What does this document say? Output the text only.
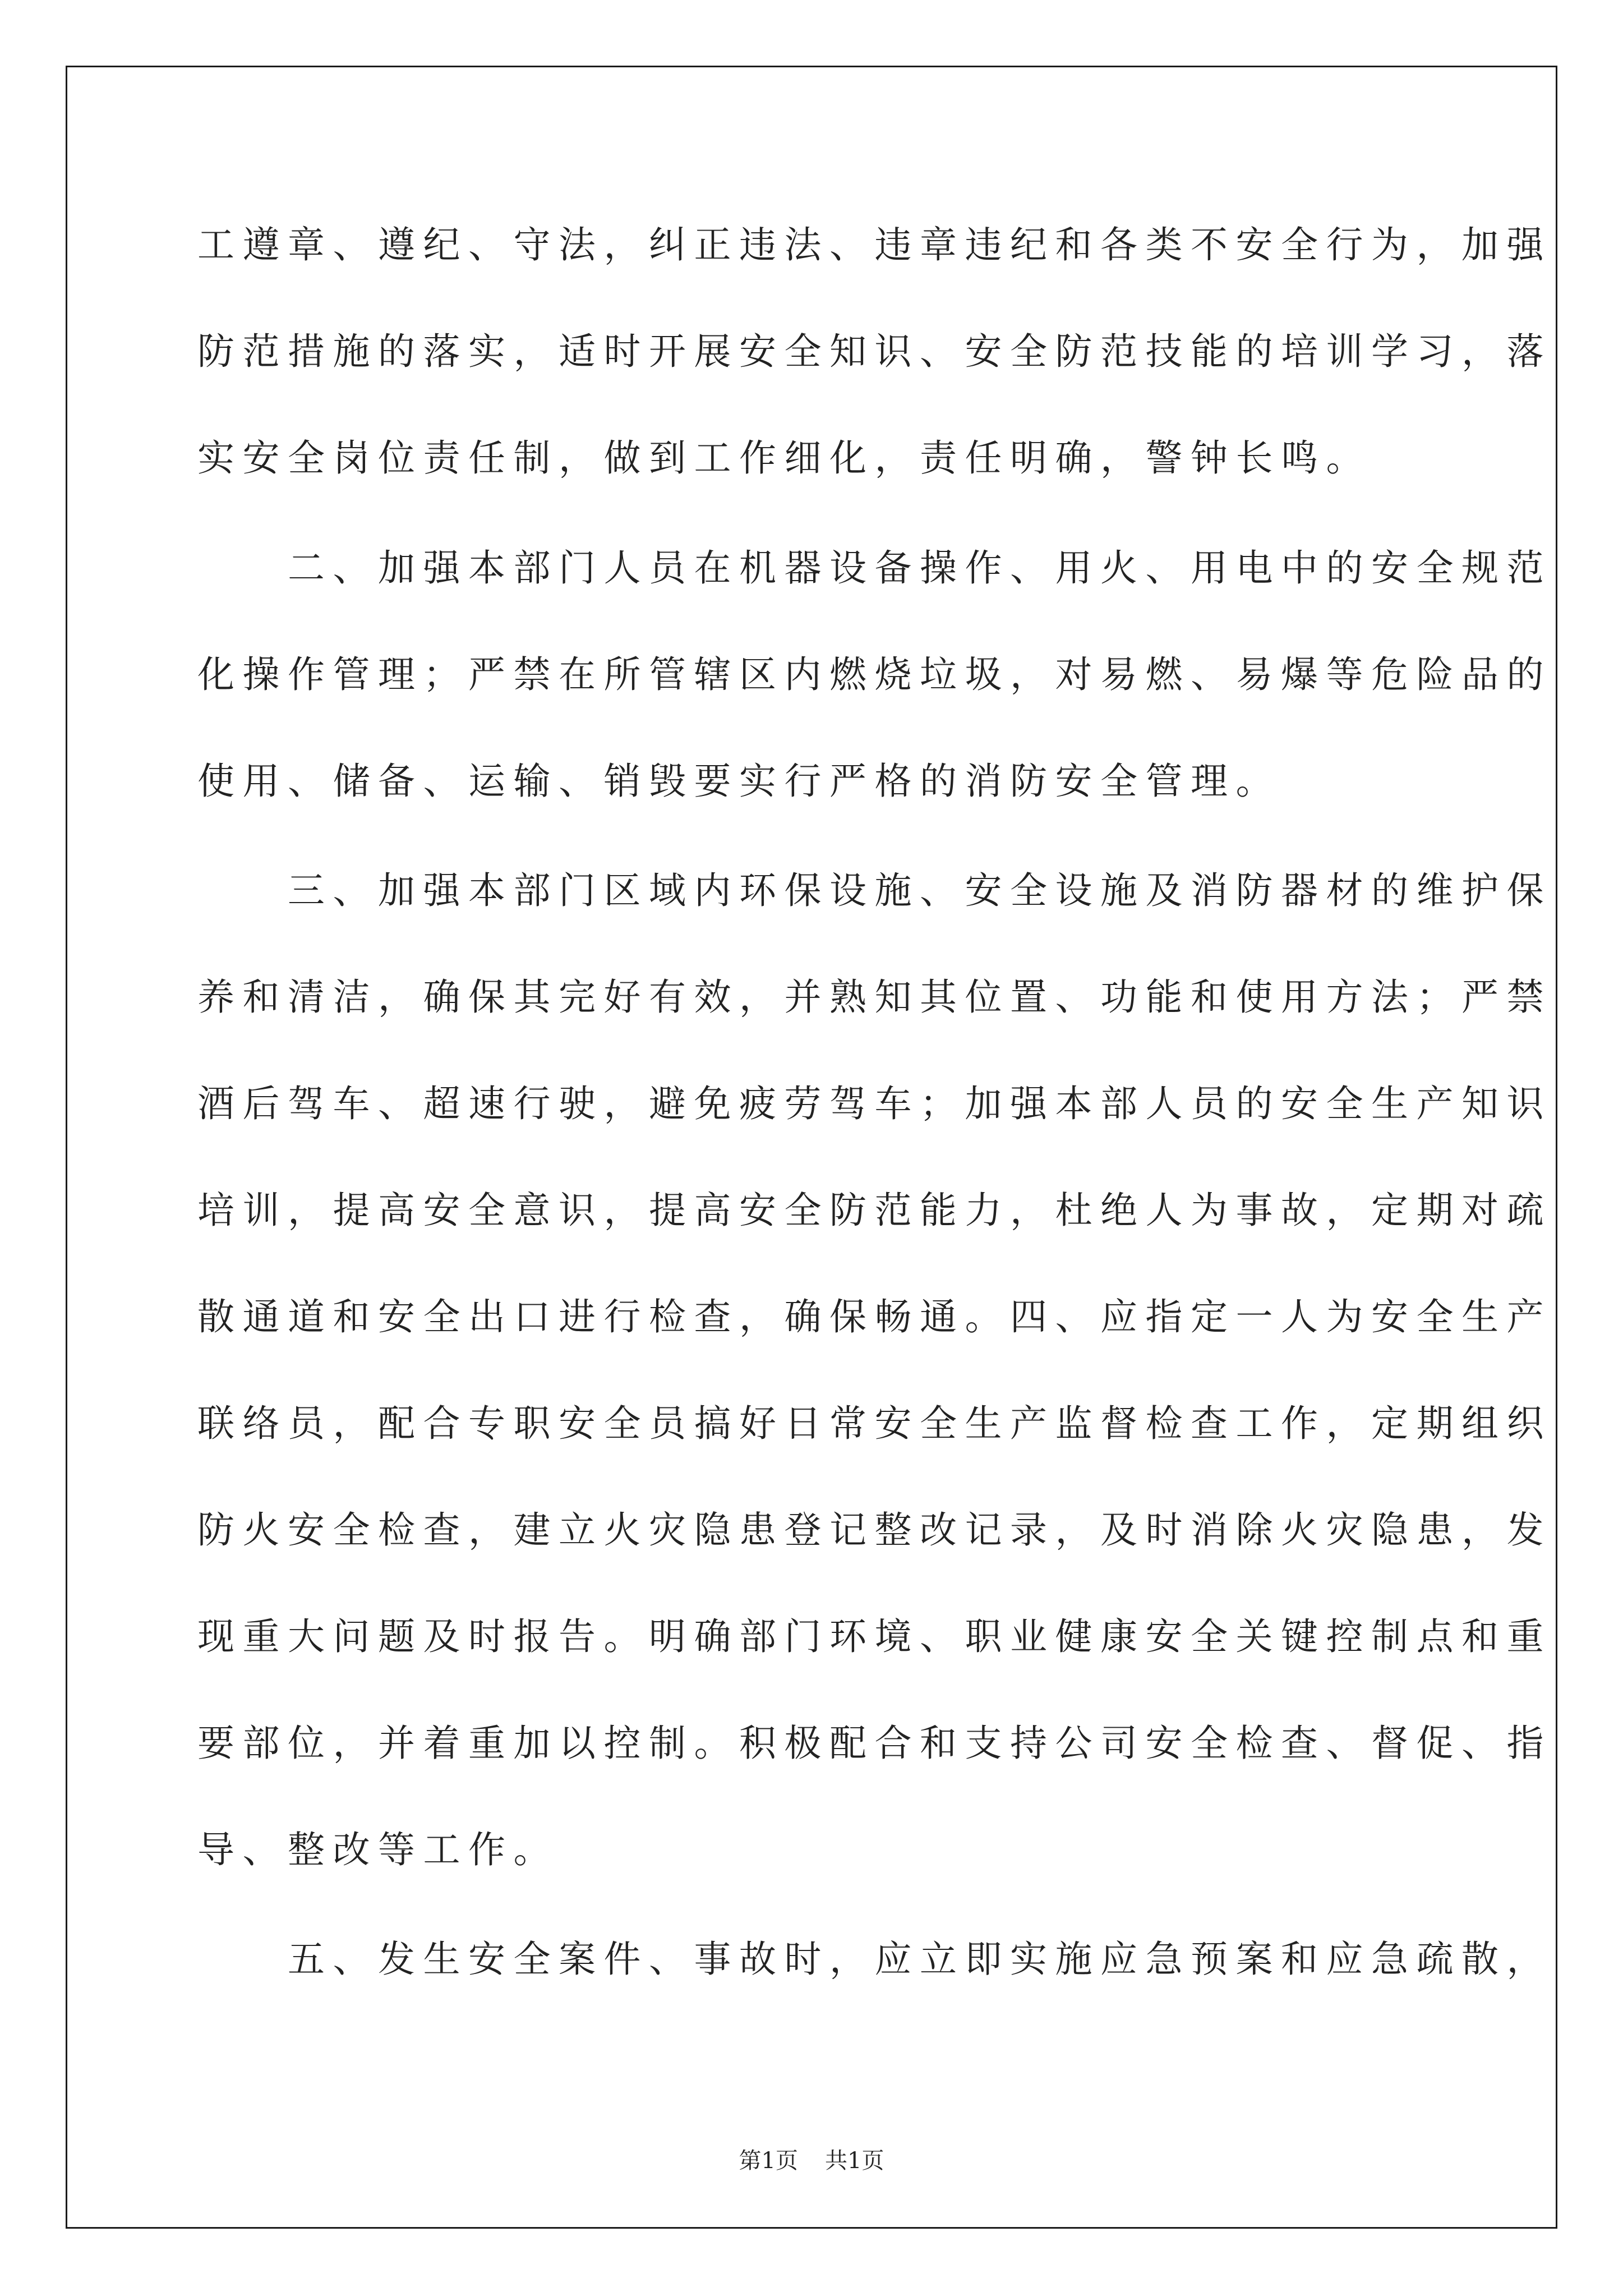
工遵章、遵纪、守法，纠正违法、违章违纪和各类不安全行为，加强
防范措施的落实，适时开展安全知识、安全防范技能的培训学习，落
实安全岗位责任制，做到工作细化，责任明确，警钟长鸣。
　　二、加强本部门人员在机器设备操作、用火、用电中的安全规范
化操作管理；严禁在所管辖区内燃烧垃圾，对易燃、易爆等危险品的
使用、储备、运输、销毁要实行严格的消防安全管理。
　　三、加强本部门区域内环保设施、安全设施及消防器材的维护保
养和清洁，确保其完好有效，并熟知其位置、功能和使用方法；严禁
酒后驾车、超速行驶，避免疲劳驾车；加强本部人员的安全生产知识
培训，提高安全意识，提高安全防范能力，杜绝人为事故，定期对疏
散通道和安全出口进行检查，确保畅通。四、应指定一人为安全生产
联络员，配合专职安全员搞好日常安全生产监督检查工作，定期组织
防火安全检查，建立火灾隐患登记整改记录，及时消除火灾隐患，发
现重大问题及时报告。明确部门环境、职业健康安全关键控制点和重
要部位，并着重加以控制。积极配合和支持公司安全检查、督促、指
导、整改等工作。
　　五、发生安全案件、事故时，应立即实施应急预案和应急疏散，
第1页 共1页
